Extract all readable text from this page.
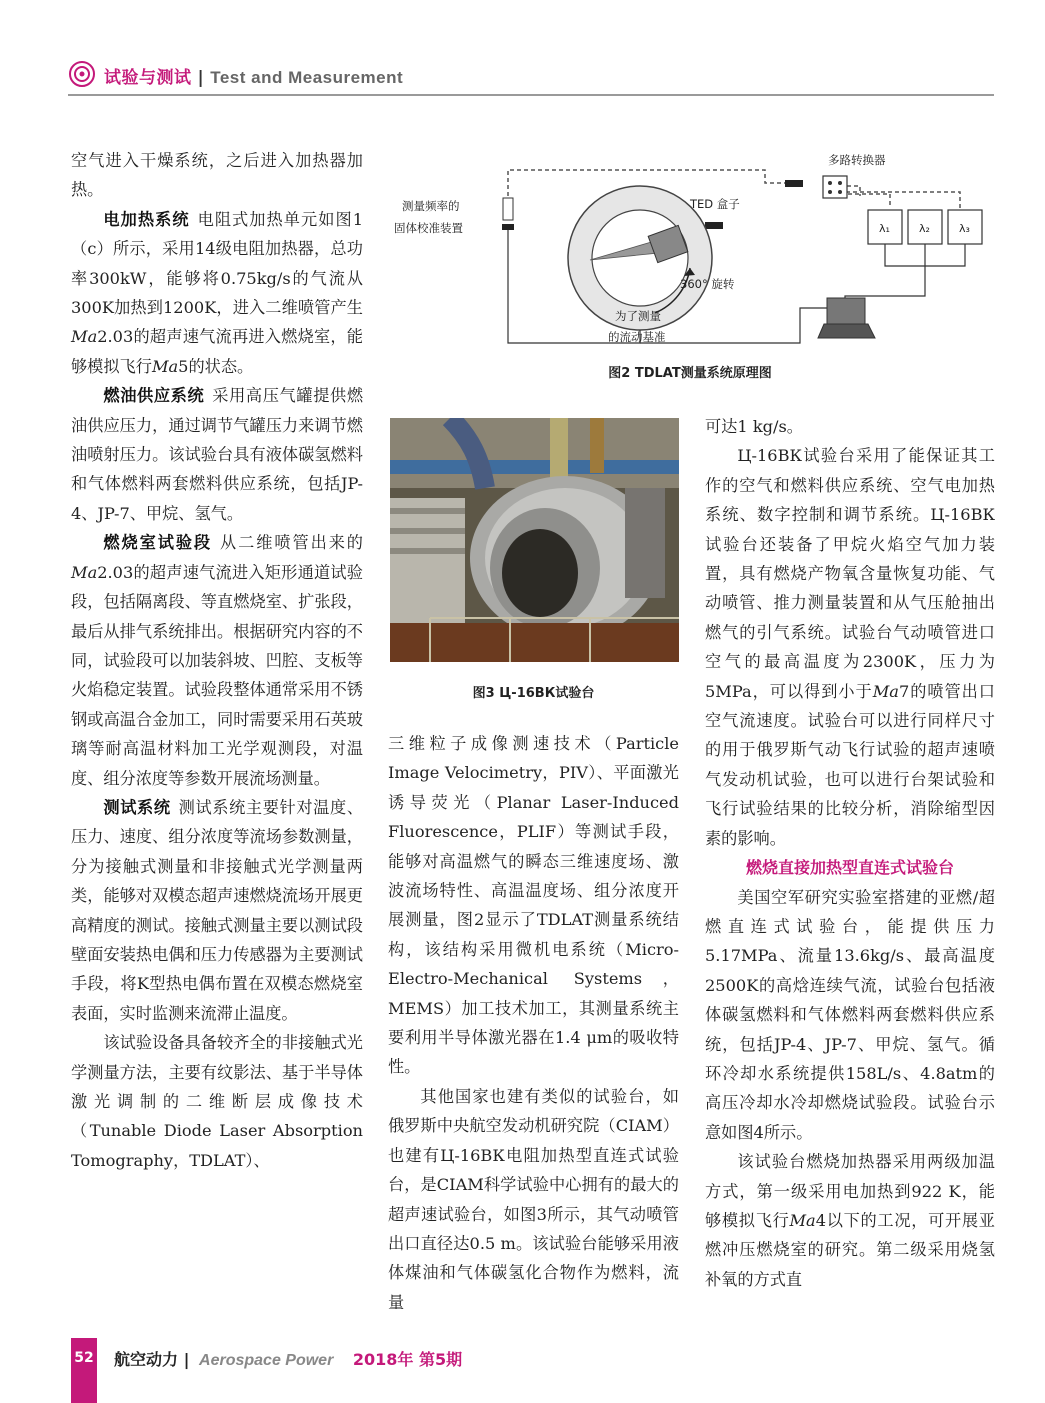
试验与测试 | Test and Measurement

空气进入干燥系统，之后进入加热器加热。

电加热系统 电阻式加热单元如图1（c）所示，采用14级电阻加热器，总功率300kW，能够将0.75kg/s的气流从300K加热到1200K，进入二维喷管产生Ma2.03的超声速气流再进入燃烧室，能够模拟飞行Ma5的状态。

燃油供应系统 采用高压气罐提供燃油供应压力，通过调节气罐压力来调节燃油喷射压力。该试验台具有液体碳氢燃料和气体燃料两套燃料供应系统，包括JP-4、JP-7、甲烷、氢气。

燃烧室试验段 从二维喷管出来的Ma2.03的超声速气流进入矩形通道试验段，包括隔离段、等直燃烧室、扩张段，最后从排气系统排出。根据研究内容的不同，试验段可以加装斜坡、凹腔、支板等火焰稳定装置。试验段整体通常采用不锈钢或高温合金加工，同时需要采用石英玻璃等耐高温材料加工光学观测段，对温度、组分浓度等参数开展流场测量。

测试系统 测试系统主要针对温度、压力、速度、组分浓度等流场参数测量，分为接触式测量和非接触式光学测量两类，能够对双模态超声速燃烧流场开展更高精度的测试。接触式测量主要以测试段壁面安装热电偶和压力传感器为主要测试手段，将K型热电偶布置在双模态燃烧室表面，实时监测来流滞止温度。

该试验设备具备较齐全的非接触式光学测量方法，主要有纹影法、基于半导体激光调制的二维断层成像技术（Tunable Diode Laser Absorption Tomography，TDLAT）、

多路转换器
测量频率的
固体校准装置
TED 盒子
360° 旋转
为了测量
的流动基准
λ₁	λ₂	λ₃
图2 TDLAT测量系统原理图
图3 Ц-16ВК试验台

三维粒子成像测速技术（Particle Image Velocimetry，PIV）、平面激光诱导荧光（Planar Laser-Induced Fluorescence，PLIF）等测试手段，能够对高温燃气的瞬态三维速度场、激波流场特性、高温温度场、组分浓度开展测量，图2显示了TDLAT测量系统结构，该结构采用微机电系统（Micro-Electro-Mechanical Systems，MEMS）加工技术加工，其测量系统主要利用半导体激光器在1.4 μm的吸收特性。

其他国家也建有类似的试验台，如俄罗斯中央航空发动机研究院（CIAM）也建有Ц-16ВК电阻加热型直连式试验台，是CIAM科学试验中心拥有的最大的超声速试验台，如图3所示，其气动喷管出口直径达0.5 m。该试验台能够采用液体煤油和气体碳氢化合物作为燃料，流量

可达1 kg/s。

Ц-16ВК试验台采用了能保证其工作的空气和燃料供应系统、空气电加热系统、数字控制和调节系统。Ц-16ВК试验台还装备了甲烷火焰空气加力装置，具有燃烧产物氧含量恢复功能、气动喷管、推力测量装置和从气压舱抽出燃气的引气系统。试验台气动喷管进口空气的最高温度为2300K，压力为5MPa，可以得到小于Ma7的喷管出口空气流速度。试验台可以进行同样尺寸的用于俄罗斯气动飞行试验的超声速喷气发动机试验，也可以进行台架试验和飞行试验结果的比较分析，消除缩型因素的影响。

燃烧直接加热型直连式试验台

美国空军研究实验室搭建的亚燃/超燃直连式试验台，能提供压力5.17MPa、流量13.6kg/s、最高温度2500K的高焓连续气流，试验台包括液体碳氢燃料和气体燃料两套燃料供应系统，包括JP-4、JP-7、甲烷、氢气。循环冷却水系统提供158L/s、4.8atm的高压冷却水冷却燃烧试验段。试验台示意如图4所示。

该试验台燃烧加热器采用两级加温方式，第一级采用电加热到922 K，能够模拟飞行Ma4以下的工况，可开展亚燃冲压燃烧室的研究。第二级采用烧氢补氧的方式直

52 航空动力 | Aerospace Power 2018年 第5期
